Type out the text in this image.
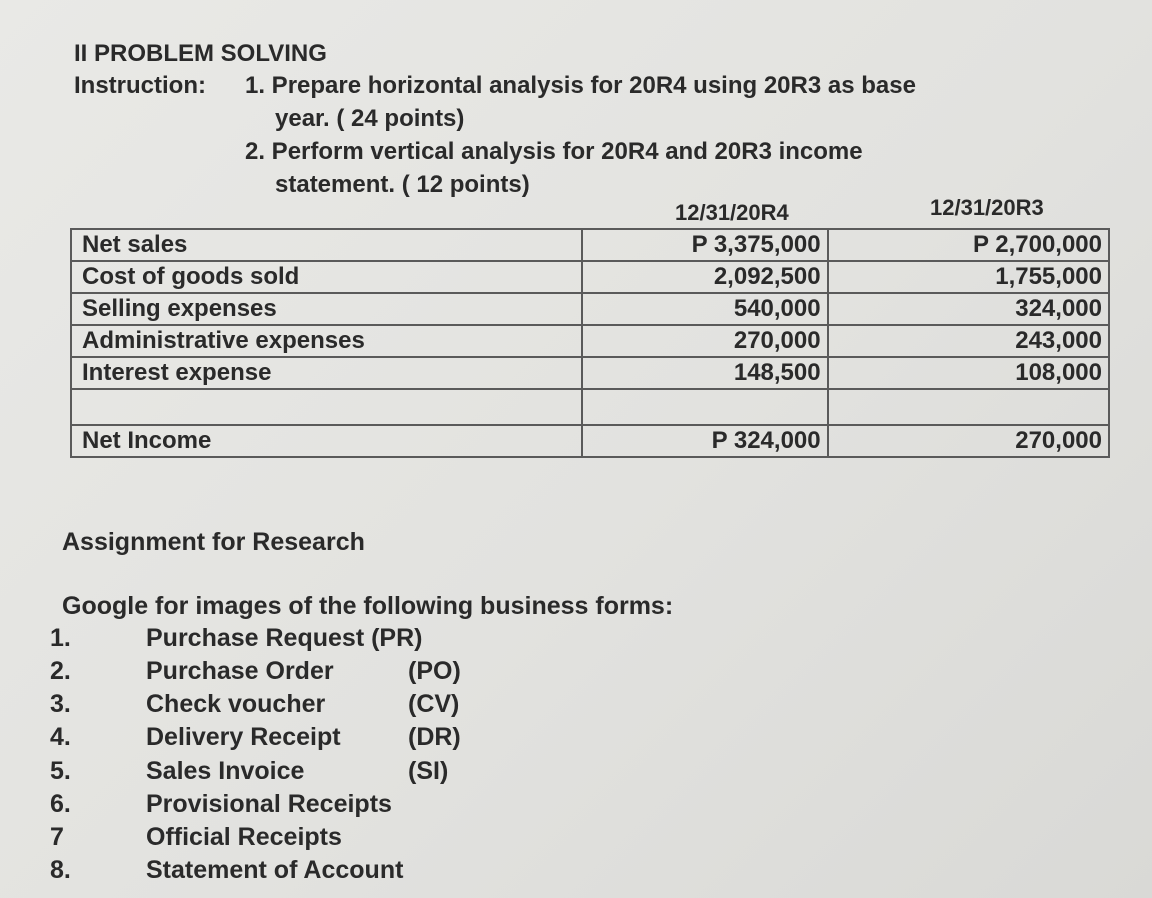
II PROBLEM SOLVING
Instruction: 1. Prepare horizontal analysis for 20R4 using 20R3 as base
year. ( 24 points)
2. Perform vertical analysis for 20R4 and 20R3 income
statement. ( 12 points)
12/31/20R4	12/31/20R3
Net sales	P 3,375,000	P 2,700,000
Cost of goods sold	2,092,500	1,755,000
Selling expenses	540,000	324,000
Administrative expenses	270,000	243,000
Interest expense	148,500	108,000

Net Income	P 324,000	270,000
Assignment for Research
Google for images of the following business forms:
1.	Purchase Request (PR)
2.	Purchase Order	(PO)
3.	Check voucher	(CV)
4.	Delivery Receipt	(DR)
5.	Sales Invoice	(SI)
6.	Provisional Receipts
7	Official Receipts
8.	Statement of Account
